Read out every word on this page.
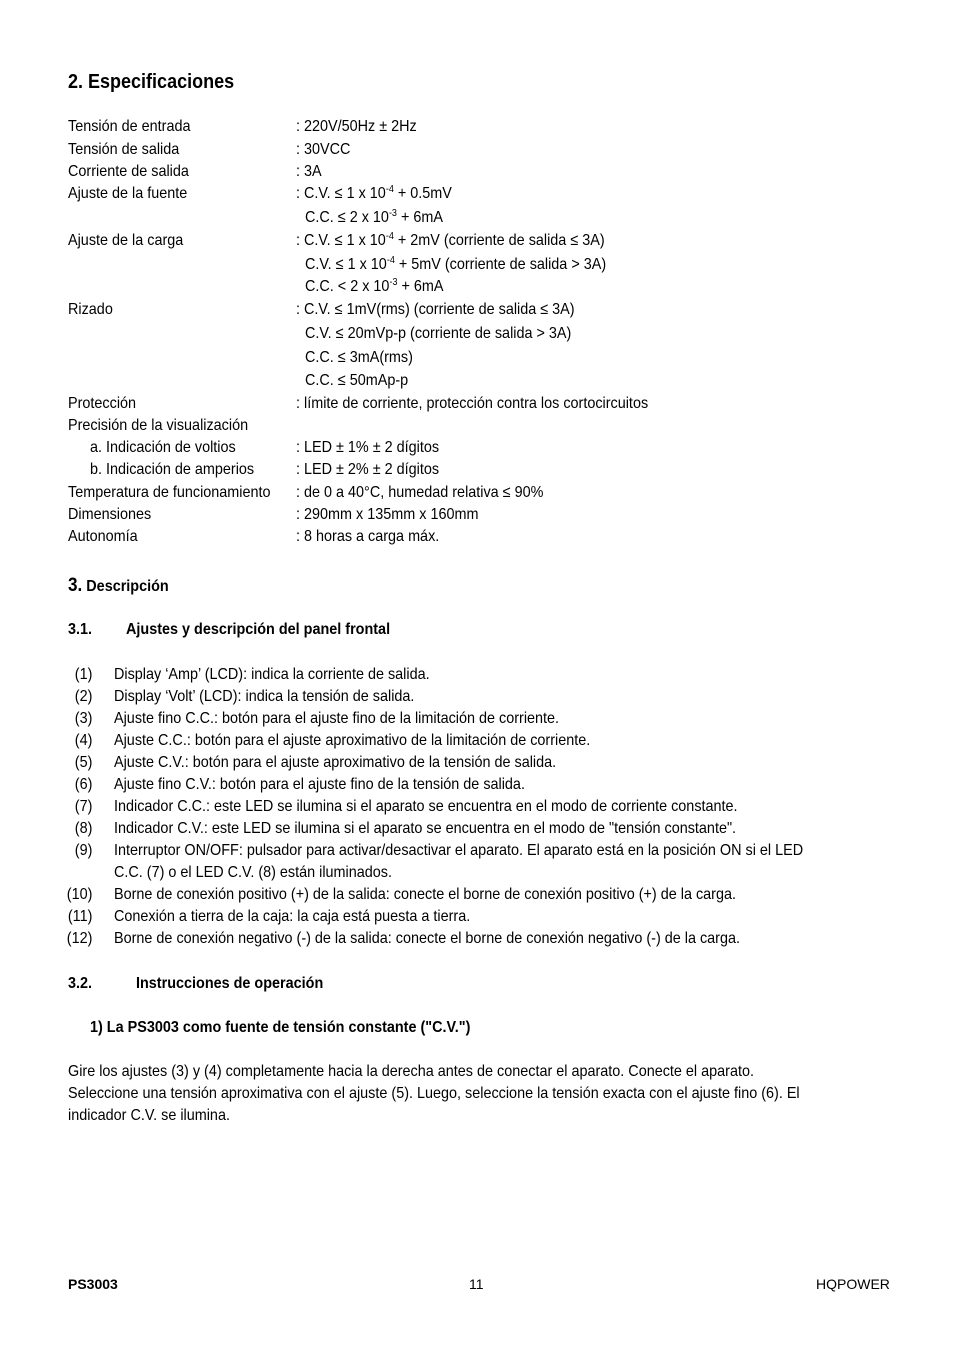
2. Especificaciones
Tensión de entrada	: 220V/50Hz ± 2Hz
Tensión de salida	: 30VCC
Corriente de salida	: 3A
Ajuste de la fuente	: C.V. ≤ 1 x $10^{-4} + 0.5mV$
C.C. ≤ 2 x $10^{-3} + 6mA$
Ajuste de la carga	: C.V. ≤ 1 x $10^{-4} + 2mV$ (corriente de salida ≤ 3A)
C.V. ≤ 1 x $10^{-4} + 5mV$ (corriente de salida > 3A)
C.C. < 2 x $10^{-3} + 6mA$
Rizado	: C.V. ≤ 1mV(rms) (corriente de salida ≤ 3A)
C.V. ≤ 20mVp-p (corriente de salida > 3A)
C.C. ≤ 3mA(rms)
C.C. ≤ 50mAp-p
Protección	: límite de corriente, protección contra los cortocircuitos
Precisión de la visualización
a. Indicación de voltios	: LED ± 1% ± 2 dígitos
b. Indicación de amperios	: LED ± 2% ± 2 dígitos
Temperatura de funcionamiento : de 0 a 40°C, humedad relativa ≤ 90%
Dimensiones	: 290mm x 135mm x 160mm
Autonomía	: 8 horas a carga máx.
3. Descripción
3.1. Ajustes y descripción del panel frontal
(1) Display ‘Amp’ (LCD): indica la corriente de salida.
(2) Display ‘Volt’ (LCD): indica la tensión de salida.
(3) Ajuste fino C.C.: botón para el ajuste fino de la limitación de corriente.
(4) Ajuste C.C.: botón para el ajuste aproximativo de la limitación de corriente.
(5) Ajuste C.V.: botón para el ajuste aproximativo de la tensión de salida.
(6) Ajuste fino C.V.: botón para el ajuste fino de la tensión de salida.
(7) Indicador C.C.: este LED se ilumina si el aparato se encuentra en el modo de corriente constante.
(8) Indicador C.V.: este LED se ilumina si el aparato se encuentra en el modo de "tensión constante".
(9) Interruptor ON/OFF: pulsador para activar/desactivar el aparato. El aparato está en la posición ON si el LED
C.C. (7) o el LED C.V. (8) están iluminados.
(10) Borne de conexión positivo (+) de la salida: conecte el borne de conexión positivo (+) de la carga.
(11) Conexión a tierra de la caja: la caja está puesta a tierra.
(12) Borne de conexión negativo (-) de la salida: conecte el borne de conexión negativo (-) de la carga.
3.2.	Instrucciones de operación
1) La PS3003 como fuente de tensión constante ("C.V.")
Gire los ajustes (3) y (4) completamente hacia la derecha antes de conectar el aparato. Conecte el aparato.
Seleccione una tensión aproximativa con el ajuste (5). Luego, seleccione la tensión exacta con el ajuste fino (6). El
indicador C.V. se ilumina.
PS3003	11	HQPOWER
